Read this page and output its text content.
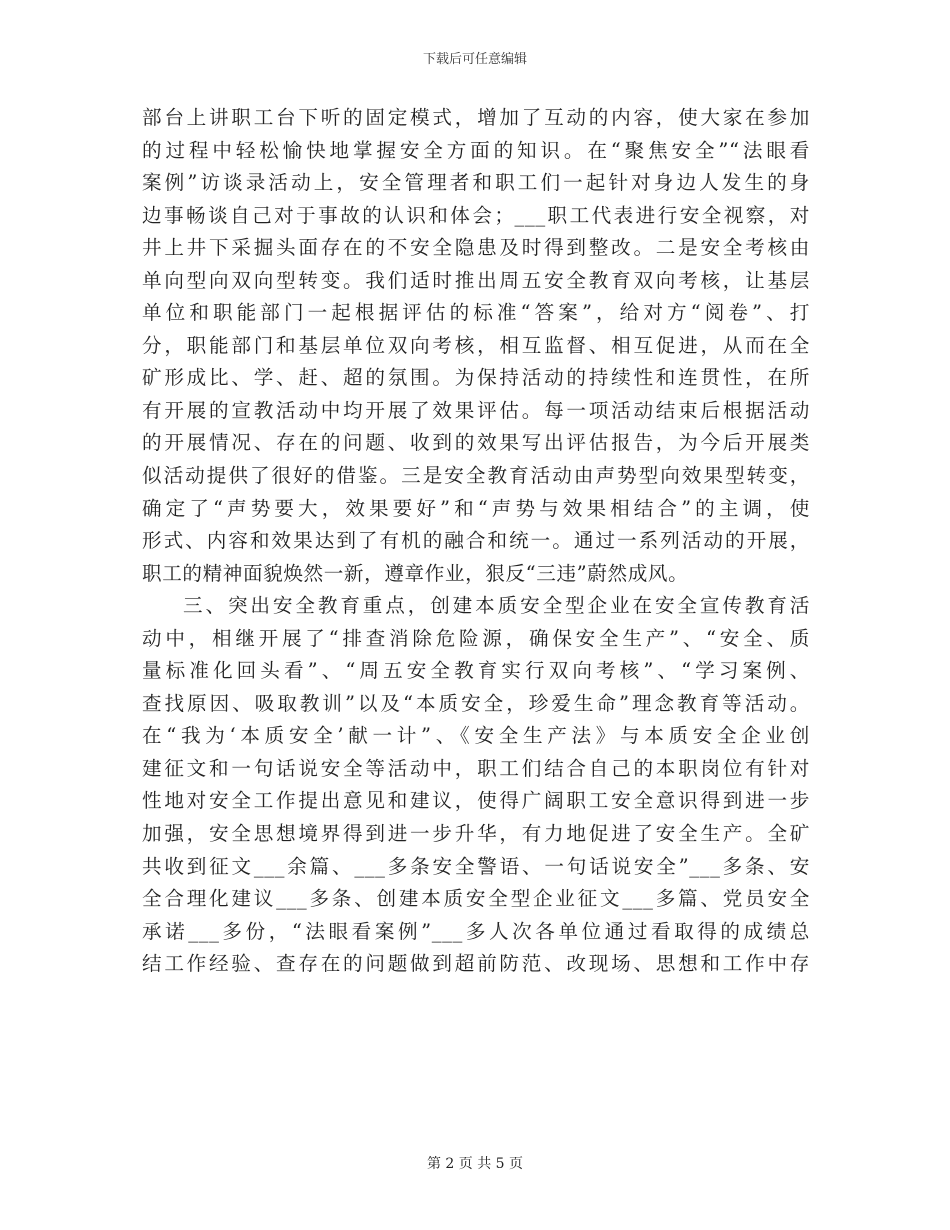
下载后可任意编辑
部台上讲职工台下听的固定模式，增加了互动的内容，使大家在参加
的过程中轻松愉快地掌握安全方面的知识。在“聚焦安全”“法眼看
案例”访谈录活动上，安全管理者和职工们一起针对身边人发生的身
边事畅谈自己对于事故的认识和体会；___职工代表进行安全视察，对
井上井下采掘头面存在的不安全隐患及时得到整改。二是安全考核由
单向型向双向型转变。我们适时推出周五安全教育双向考核，让基层
单位和职能部门一起根据评估的标准“答案”，给对方“阅卷”、打
分，职能部门和基层单位双向考核，相互监督、相互促进，从而在全
矿形成比、学、赶、超的氛围。为保持活动的持续性和连贯性，在所
有开展的宣教活动中均开展了效果评估。每一项活动结束后根据活动
的开展情况、存在的问题、收到的效果写出评估报告，为今后开展类
似活动提供了很好的借鉴。三是安全教育活动由声势型向效果型转变，
确定了“声势要大，效果要好”和“声势与效果相结合”的主调，使
形式、内容和效果达到了有机的融合和统一。通过一系列活动的开展，
职工的精神面貌焕然一新，遵章作业，狠反“三违”蔚然成风。
三、突出安全教育重点，创建本质安全型企业在安全宣传教育活
动中，相继开展了“排查消除危险源，确保安全生产”、“安全、质
量标准化回头看”、“周五安全教育实行双向考核”、“学习案例、
查找原因、吸取教训”以及“本质安全，珍爱生命”理念教育等活动。
在“我为‘本质安全’献一计”、《安全生产法》与本质安全企业创
建征文和一句话说安全等活动中，职工们结合自己的本职岗位有针对
性地对安全工作提出意见和建议，使得广阔职工安全意识得到进一步
加强，安全思想境界得到进一步升华，有力地促进了安全生产。全矿
共收到征文___余篇、___多条安全警语、一句话说安全”___多条、安
全合理化建议___多条、创建本质安全型企业征文___多篇、党员安全
承诺___多份，“法眼看案例”___多人次各单位通过看取得的成绩总
结工作经验、查存在的问题做到超前防范、改现场、思想和工作中存
第 2 页 共 5 页
